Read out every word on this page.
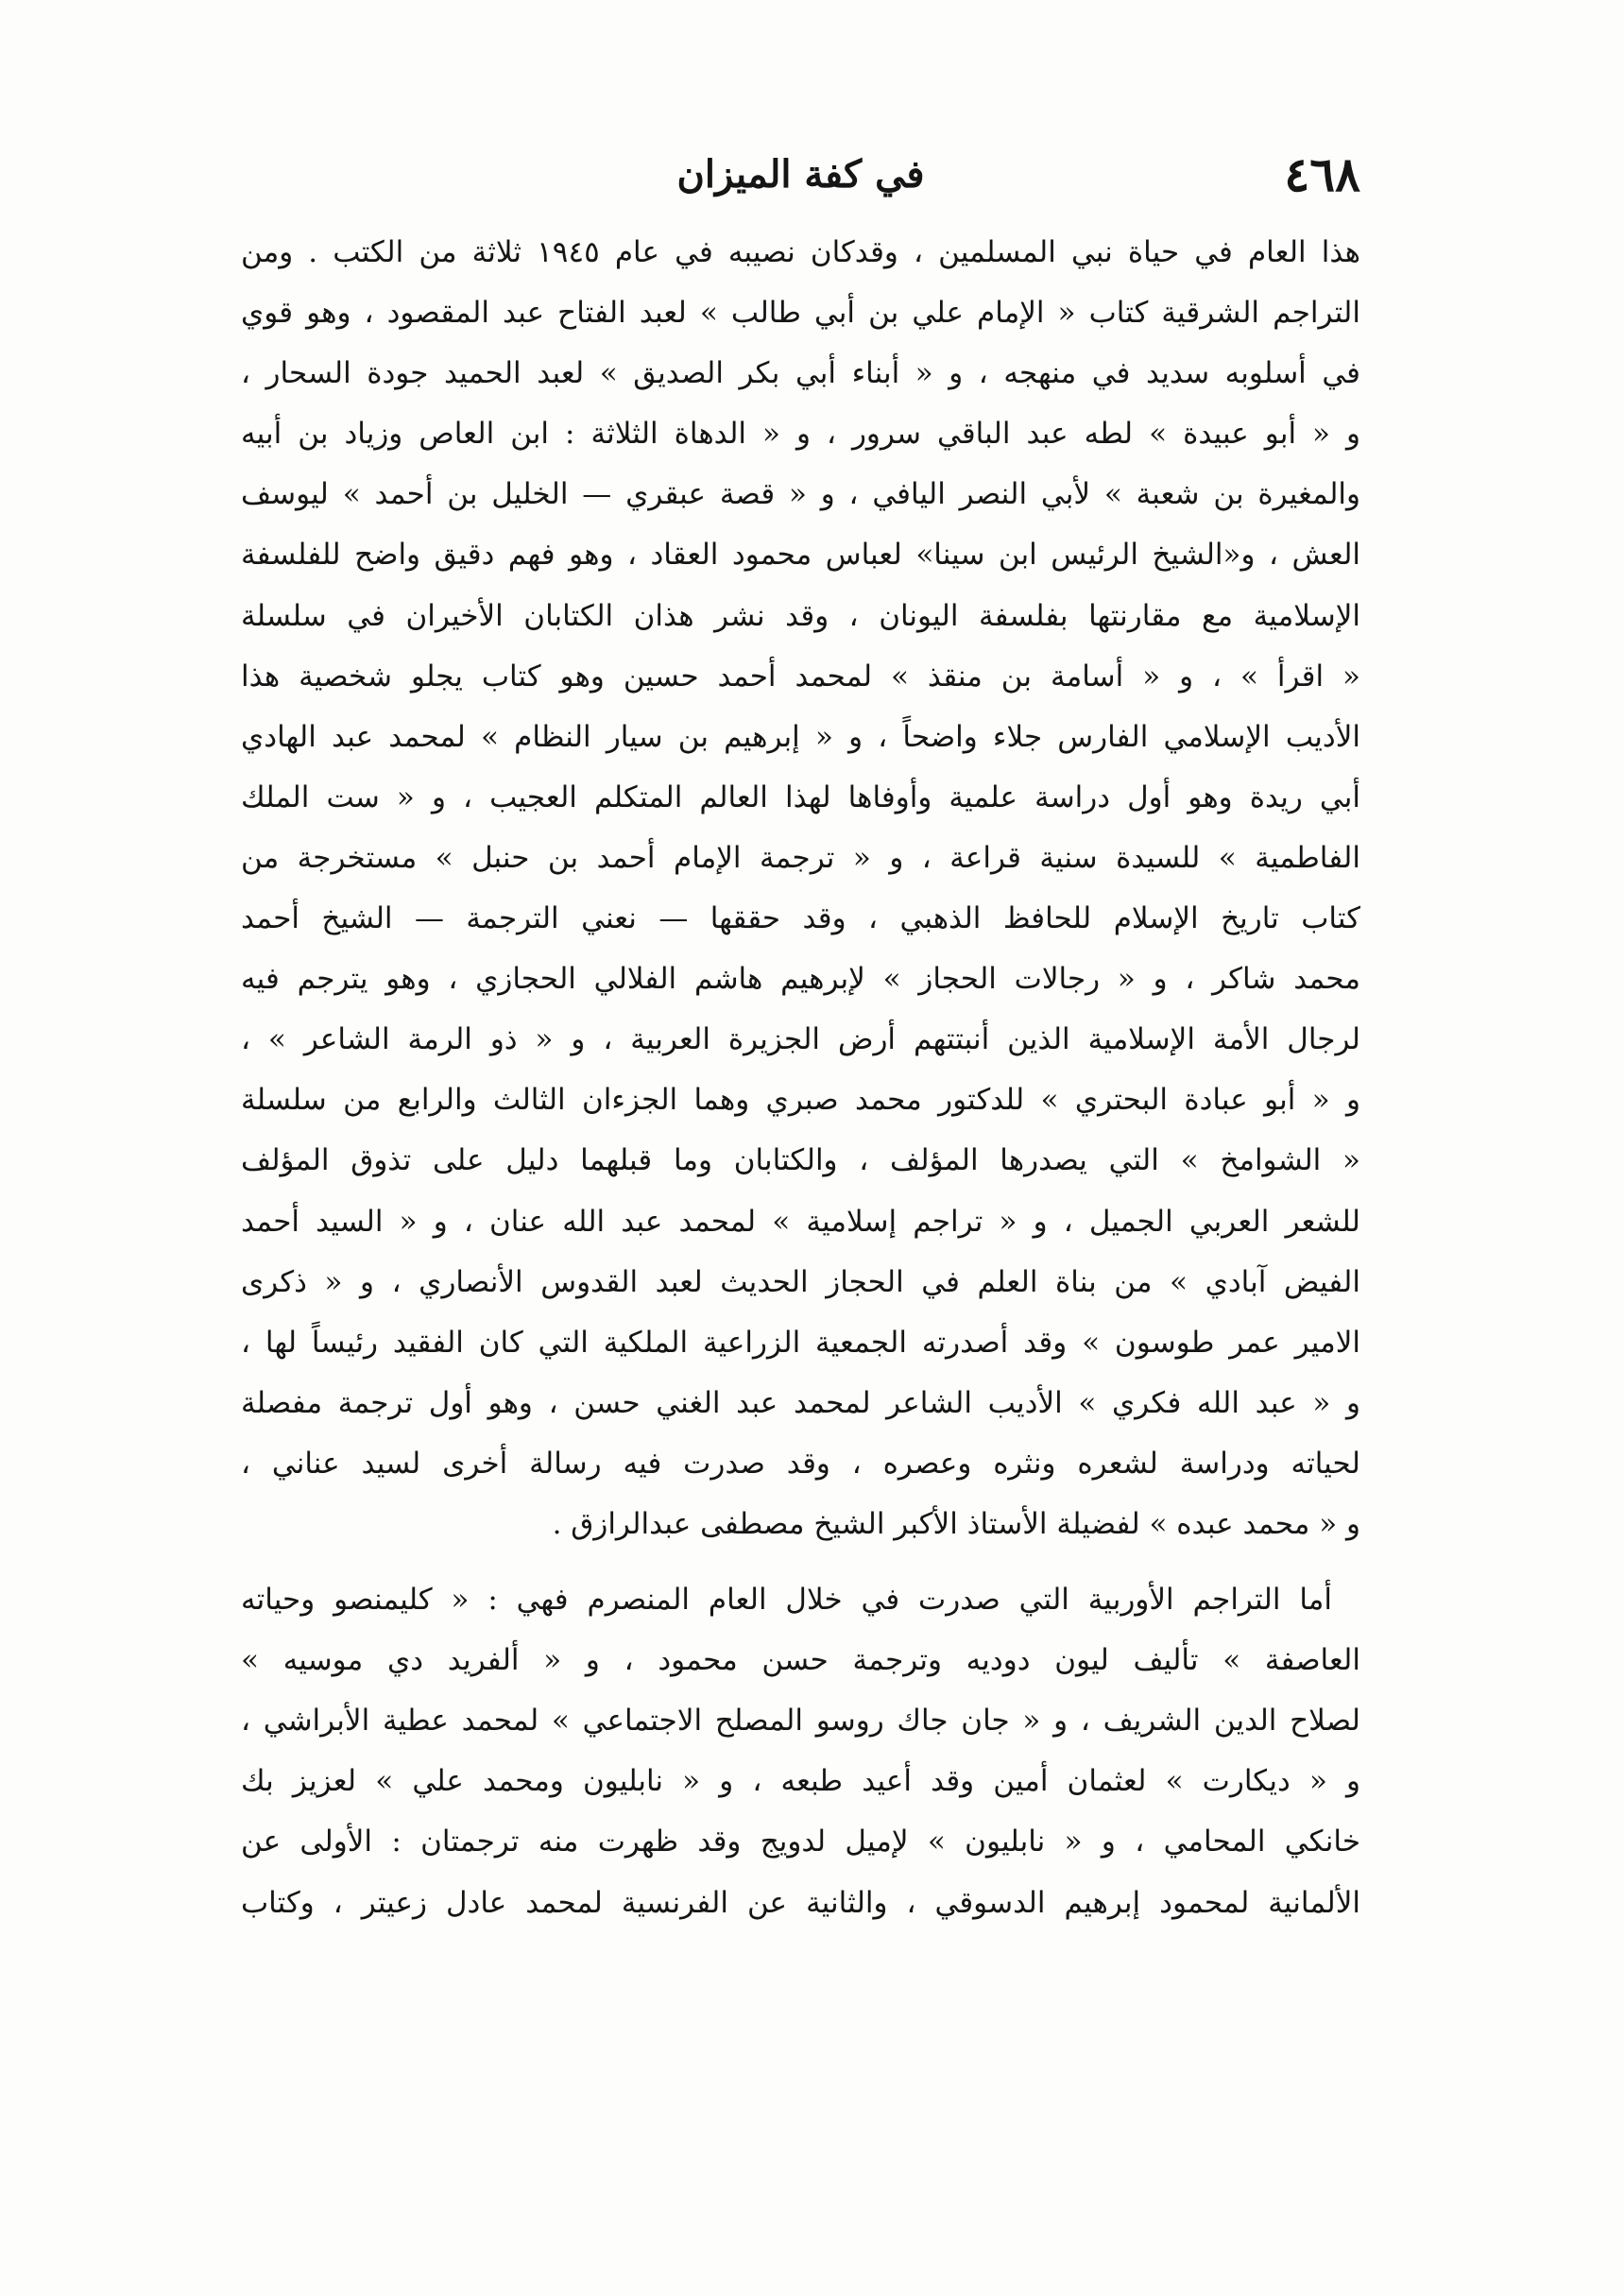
٤٦٨
في كفة الميزان

هذا العام في حياة نبي المسلمين ، وقدكان نصيبه في عام ١٩٤٥ ثلاثة من الكتب . ومن
التراجم الشرقية كتاب « الإمام علي بن أبي طالب » لعبد الفتاح عبد المقصود ، وهو قوي
في أسلوبه سديد في منهجه ، و « أبناء أبي بكر الصديق » لعبد الحميد جودة السحار ،
و « أبو عبيدة » لطه عبد الباقي سرور ، و « الدهاة الثلاثة : ابن العاص وزياد بن أبيه
والمغيرة بن شعبة » لأبي النصر اليافي ، و « قصة عبقري — الخليل بن أحمد » ليوسف
العش ، و«الشيخ الرئيس ابن سينا» لعباس محمود العقاد ، وهو فهم دقيق واضح للفلسفة
الإسلامية مع مقارنتها بفلسفة اليونان ، وقد نشر هذان الكتابان الأخيران في سلسلة
« اقرأ » ، و « أسامة بن منقذ » لمحمد أحمد حسين وهو كتاب يجلو شخصية هذا
الأديب الإسلامي الفارس جلاء واضحاً ، و « إبرهيم بن سيار النظام » لمحمد عبد الهادي
أبي ريدة وهو أول دراسة علمية وأوفاها لهذا العالم المتكلم العجيب ، و « ست الملك
الفاطمية » للسيدة سنية قراعة ، و « ترجمة الإمام أحمد بن حنبل » مستخرجة من
كتاب تاريخ الإسلام للحافظ الذهبي ، وقد حققها — نعني الترجمة — الشيخ أحمد
محمد شاكر ، و « رجالات الحجاز » لإبرهيم هاشم الفلالي الحجازي ، وهو يترجم فيه
لرجال الأمة الإسلامية الذين أنبتتهم أرض الجزيرة العربية ، و « ذو الرمة الشاعر » ،
و « أبو عبادة البحتري » للدكتور محمد صبري وهما الجزءان الثالث والرابع من سلسلة
« الشوامخ » التي يصدرها المؤلف ، والكتابان وما قبلهما دليل على تذوق المؤلف
للشعر العربي الجميل ، و « تراجم إسلامية » لمحمد عبد الله عنان ، و « السيد أحمد
الفيض آبادي » من بناة العلم في الحجاز الحديث لعبد القدوس الأنصاري ، و « ذكرى
الامير عمر طوسون » وقد أصدرته الجمعية الزراعية الملكية التي كان الفقيد رئيساً لها ،
و « عبد الله فكري » الأديب الشاعر لمحمد عبد الغني حسن ، وهو أول ترجمة مفصلة
لحياته ودراسة لشعره ونثره وعصره ، وقد صدرت فيه رسالة أخرى لسيد عناني ،
و « محمد عبده » لفضيلة الأستاذ الأكبر الشيخ مصطفى عبدالرازق .

أما التراجم الأوربية التي صدرت في خلال العام المنصرم فهي : « كليمنصو وحياته
العاصفة » تأليف ليون دوديه وترجمة حسن محمود ، و « ألفريد دي موسيه »
لصلاح الدين الشريف ، و « جان جاك روسو المصلح الاجتماعي » لمحمد عطية الأبراشي ،
و « ديكارت » لعثمان أمين وقد أعيد طبعه ، و « نابليون ومحمد علي » لعزيز بك
خانكي المحامي ، و « نابليون » لإميل لدويج وقد ظهرت منه ترجمتان : الأولى عن
الألمانية لمحمود إبرهيم الدسوقي ، والثانية عن الفرنسية لمحمد عادل زعيتر ، وكتاب
